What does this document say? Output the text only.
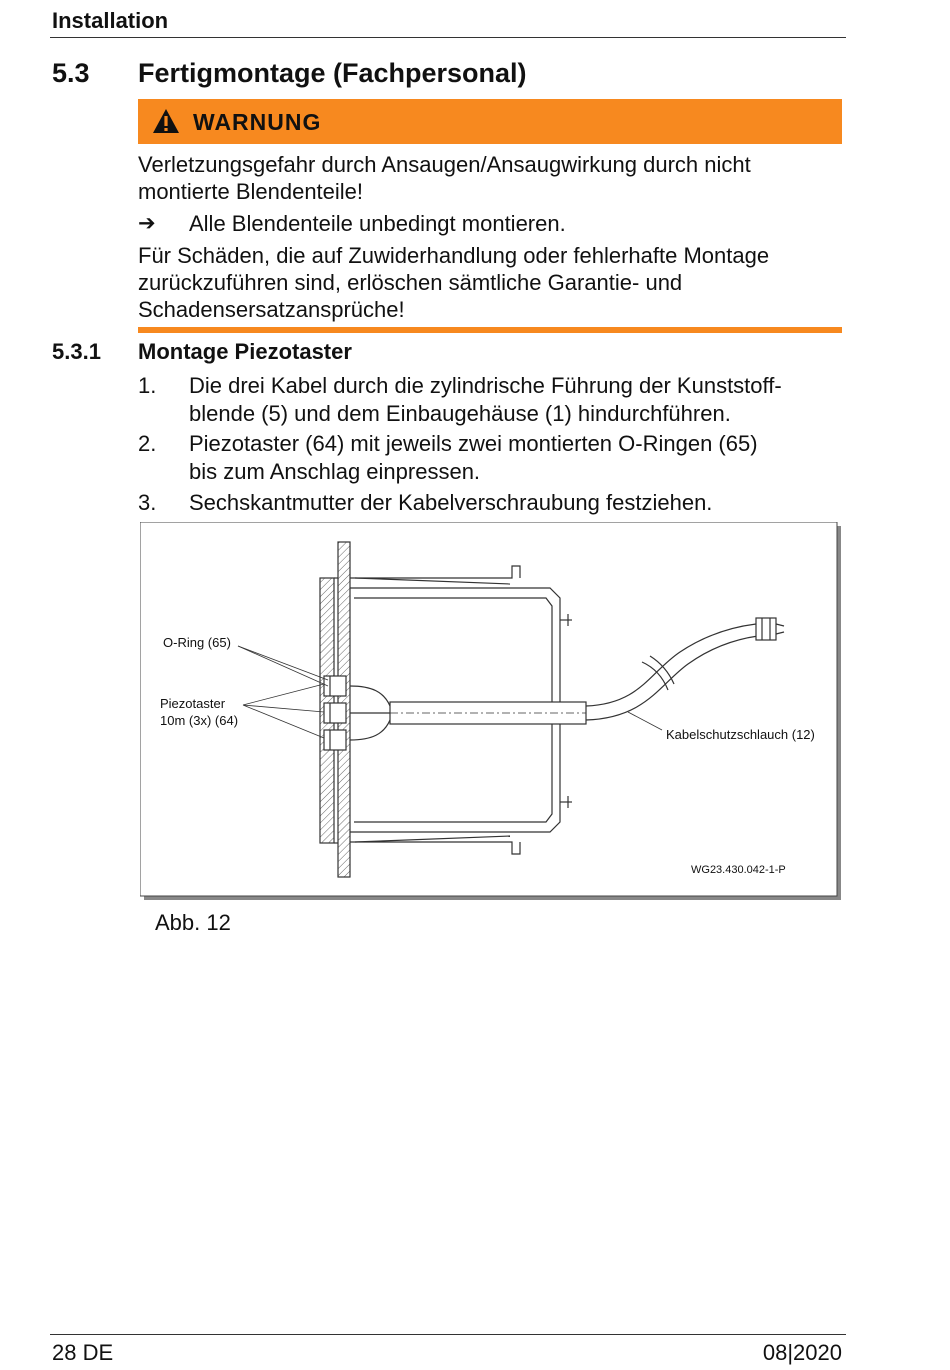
Installation
5.3 Fertigmontage (Fachpersonal)
WARNUNG
Verletzungsgefahr durch Ansaugen/Ansaugwirkung durch nicht
montierte Blendenteile!
➔ Alle Blendenteile unbedingt montieren.
Für Schäden, die auf Zuwiderhandlung oder fehlerhafte Montage
zurückzuführen sind, erlöschen sämtliche Garantie- und
Schadensersatzansprüche!
5.3.1 Montage Piezotaster
1. Die drei Kabel durch die zylindrische Führung der Kunststoff-
blende (5) und dem Einbaugehäuse (1) hindurchführen.
2. Piezotaster (64) mit jeweils zwei montierten O-Ringen (65)
bis zum Anschlag einpressen.
3. Sechskantmutter der Kabelverschraubung festziehen.
O-Ring (65)
Piezotaster
10m (3x) (64)
Kabelschutzschlauch (12)
WG23.430.042-1-P
Abb. 12
28 DE	08|2020
